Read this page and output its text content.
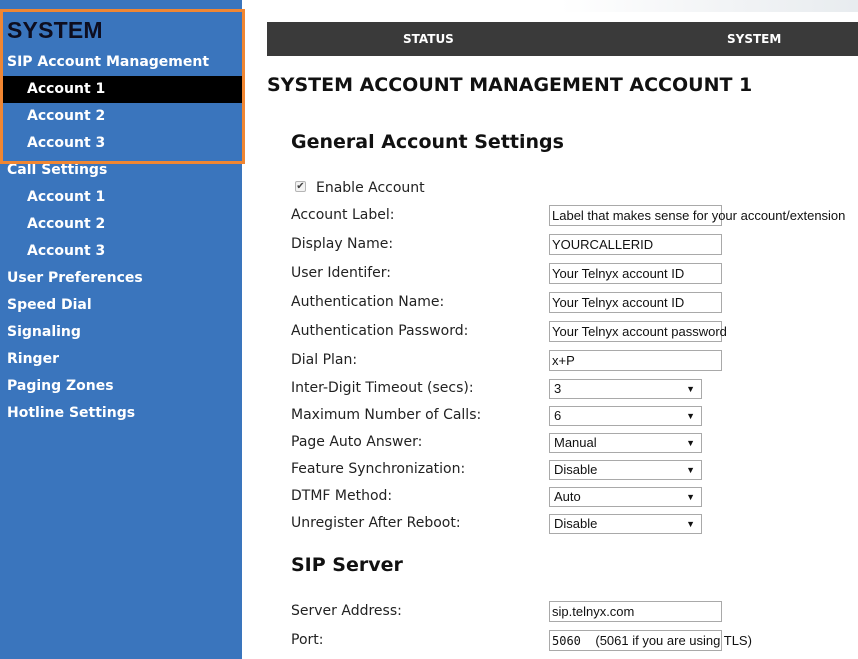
SYSTEM
SIP Account Management
Account 1
Account 2
Account 3
Call Settings
Account 1
Account 2
Account 3
User Preferences
Speed Dial
Signaling
Ringer
Paging Zones
Hotline Settings
STATUS	SYSTEM
SYSTEM ACCOUNT MANAGEMENT ACCOUNT 1
General Account Settings
✔ Enable Account
Account Label:	Label that makes sense for your account/extension
Display Name:	YOURCALLERID
User Identifer:	Your Telnyx account ID
Authentication Name:	Your Telnyx account ID
Authentication Password:	Your Telnyx account password
Dial Plan:	x+P
Inter-Digit Timeout (secs):	3	▼
Maximum Number of Calls:	6	▼
Page Auto Answer:	Manual	▼
Feature Synchronization:	Disable	▼
DTMF Method:	Auto	▼
Unregister After Reboot:	Disable	▼
SIP Server
Server Address:	sip.telnyx.com
Port:	5060 (5061 if you are using TLS)
